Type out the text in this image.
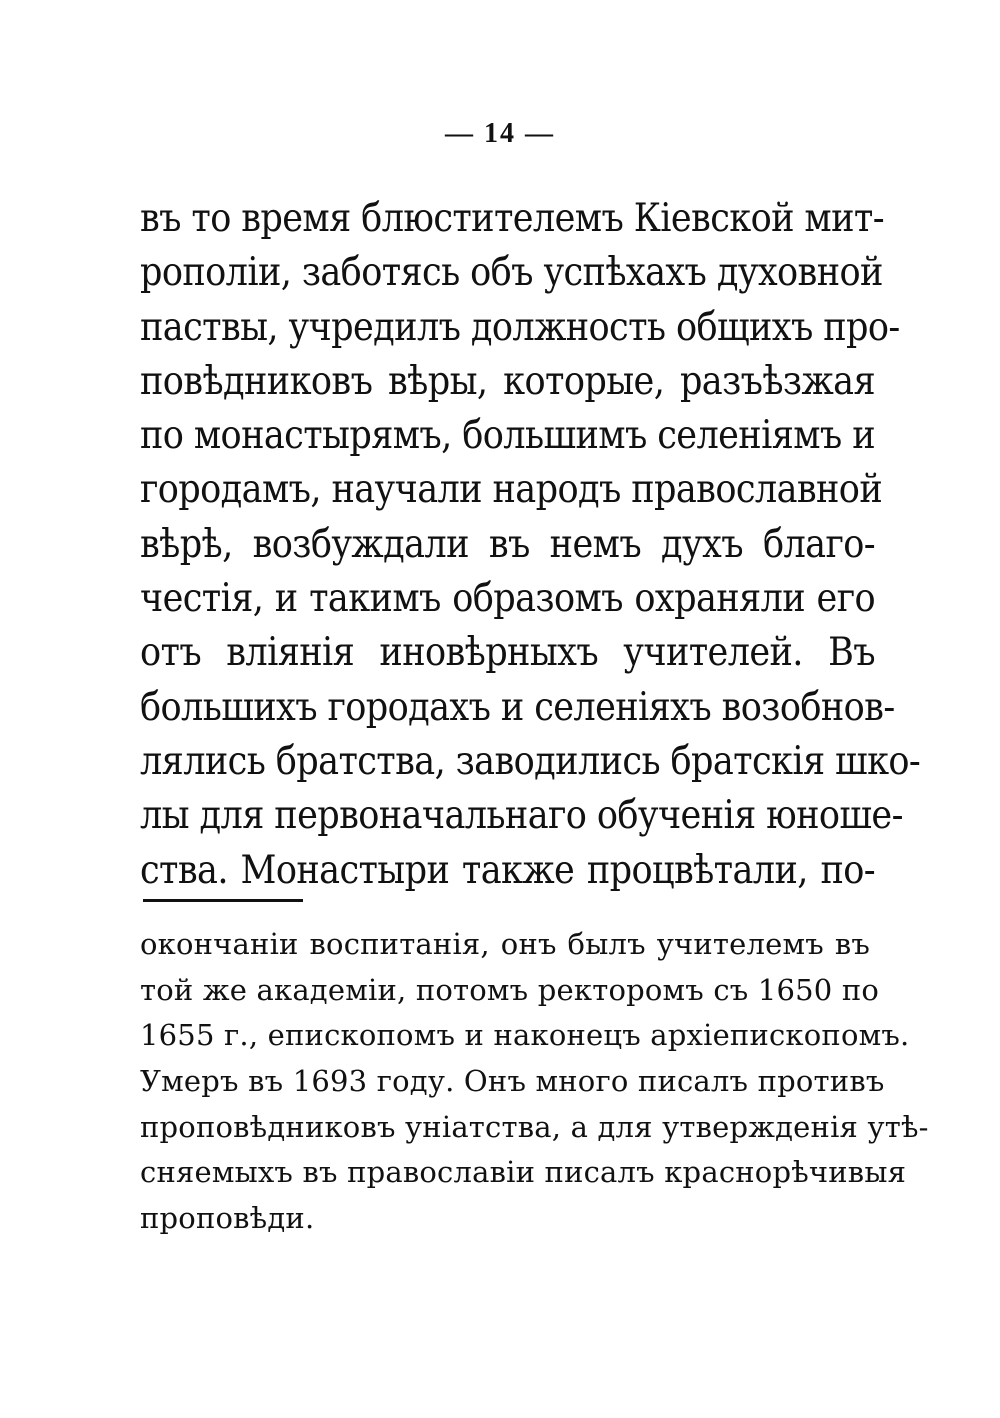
— 14 —
въ то время блюстителемъ Кіевской мит-
рополіи, заботясь объ успѣхахъ духовной
паствы, учредилъ должность общихъ про-
повѣдниковъ вѣры, которые, разъѣзжая
по монастырямъ, большимъ селеніямъ и
городамъ, научали народъ православной
вѣрѣ, возбуждали въ немъ духъ благо-
честія, и такимъ образомъ охраняли его
отъ вліянія иновѣрныхъ учителей. Въ
большихъ городахъ и селеніяхъ возобнов-
лялись братства, заводились братскія шко-
лы для первоначальнаго обученія юноше-
ства. Монастыри также процвѣтали, по-
окончаніи воспитанія, онъ былъ учителемъ въ
той же академіи, потомъ ректоромъ съ 1650 по
1655 г., епископомъ и наконецъ архіепископомъ.
Умеръ въ 1693 году. Онъ много писалъ противъ
проповѣдниковъ уніатства, а для утвержденія утѣ-
сняемыхъ въ православіи писалъ краснорѣчивыя
проповѣди.
